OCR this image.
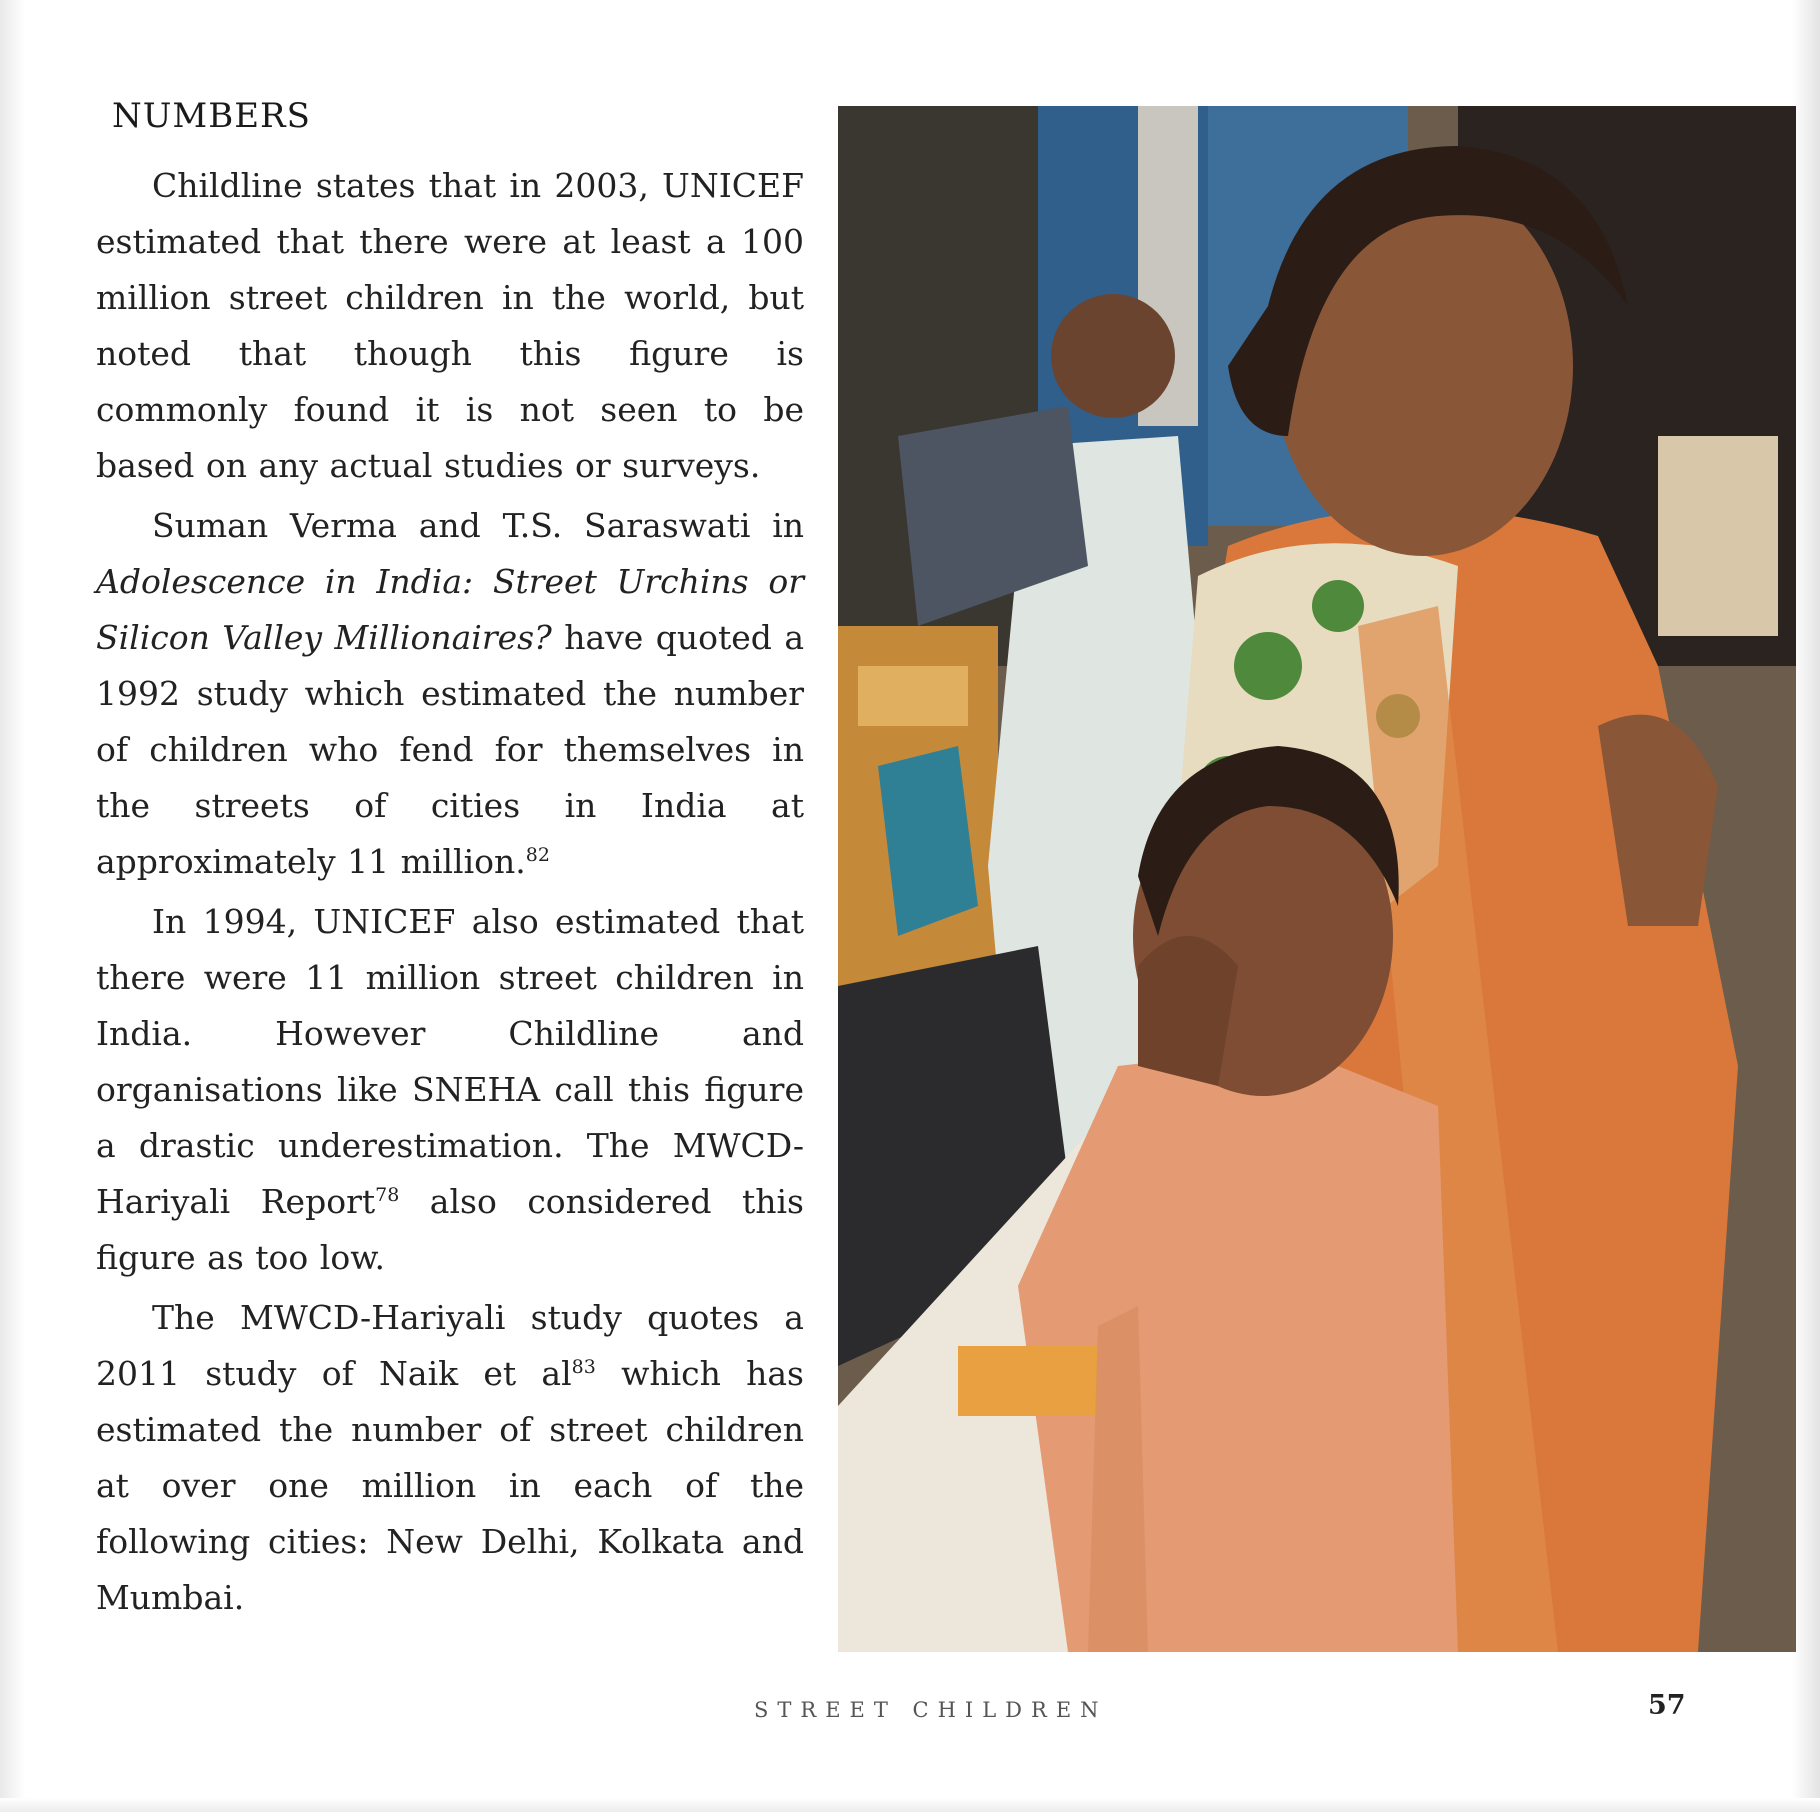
NUMBERS

Childline states that in 2003, UNICEF estimated that there were at least a 100 million street children in the world, but noted that though this figure is commonly found it is not seen to be based on any actual studies or surveys.

Suman Verma and T.S. Saraswati in Adolescence in India: Street Urchins or Silicon Valley Millionaires? have quoted a 1992 study which estimated the number of children who fend for themselves in the streets of cities in India at approximately 11 million.$^{82}$

In 1994, UNICEF also estimated that there were 11 million street children in India. However Childline and organisations like SNEHA call this figure a drastic underestimation. The MWCD-Hariyali Report$^{78}$ also considered this figure as too low.

The MWCD-Hariyali study quotes a 2011 study of Naik et $al^{83}$ which has estimated the number of street children at over one million in each of the following cities: New Delhi, Kolkata and Mumbai.

STREET CHILDREN	57
